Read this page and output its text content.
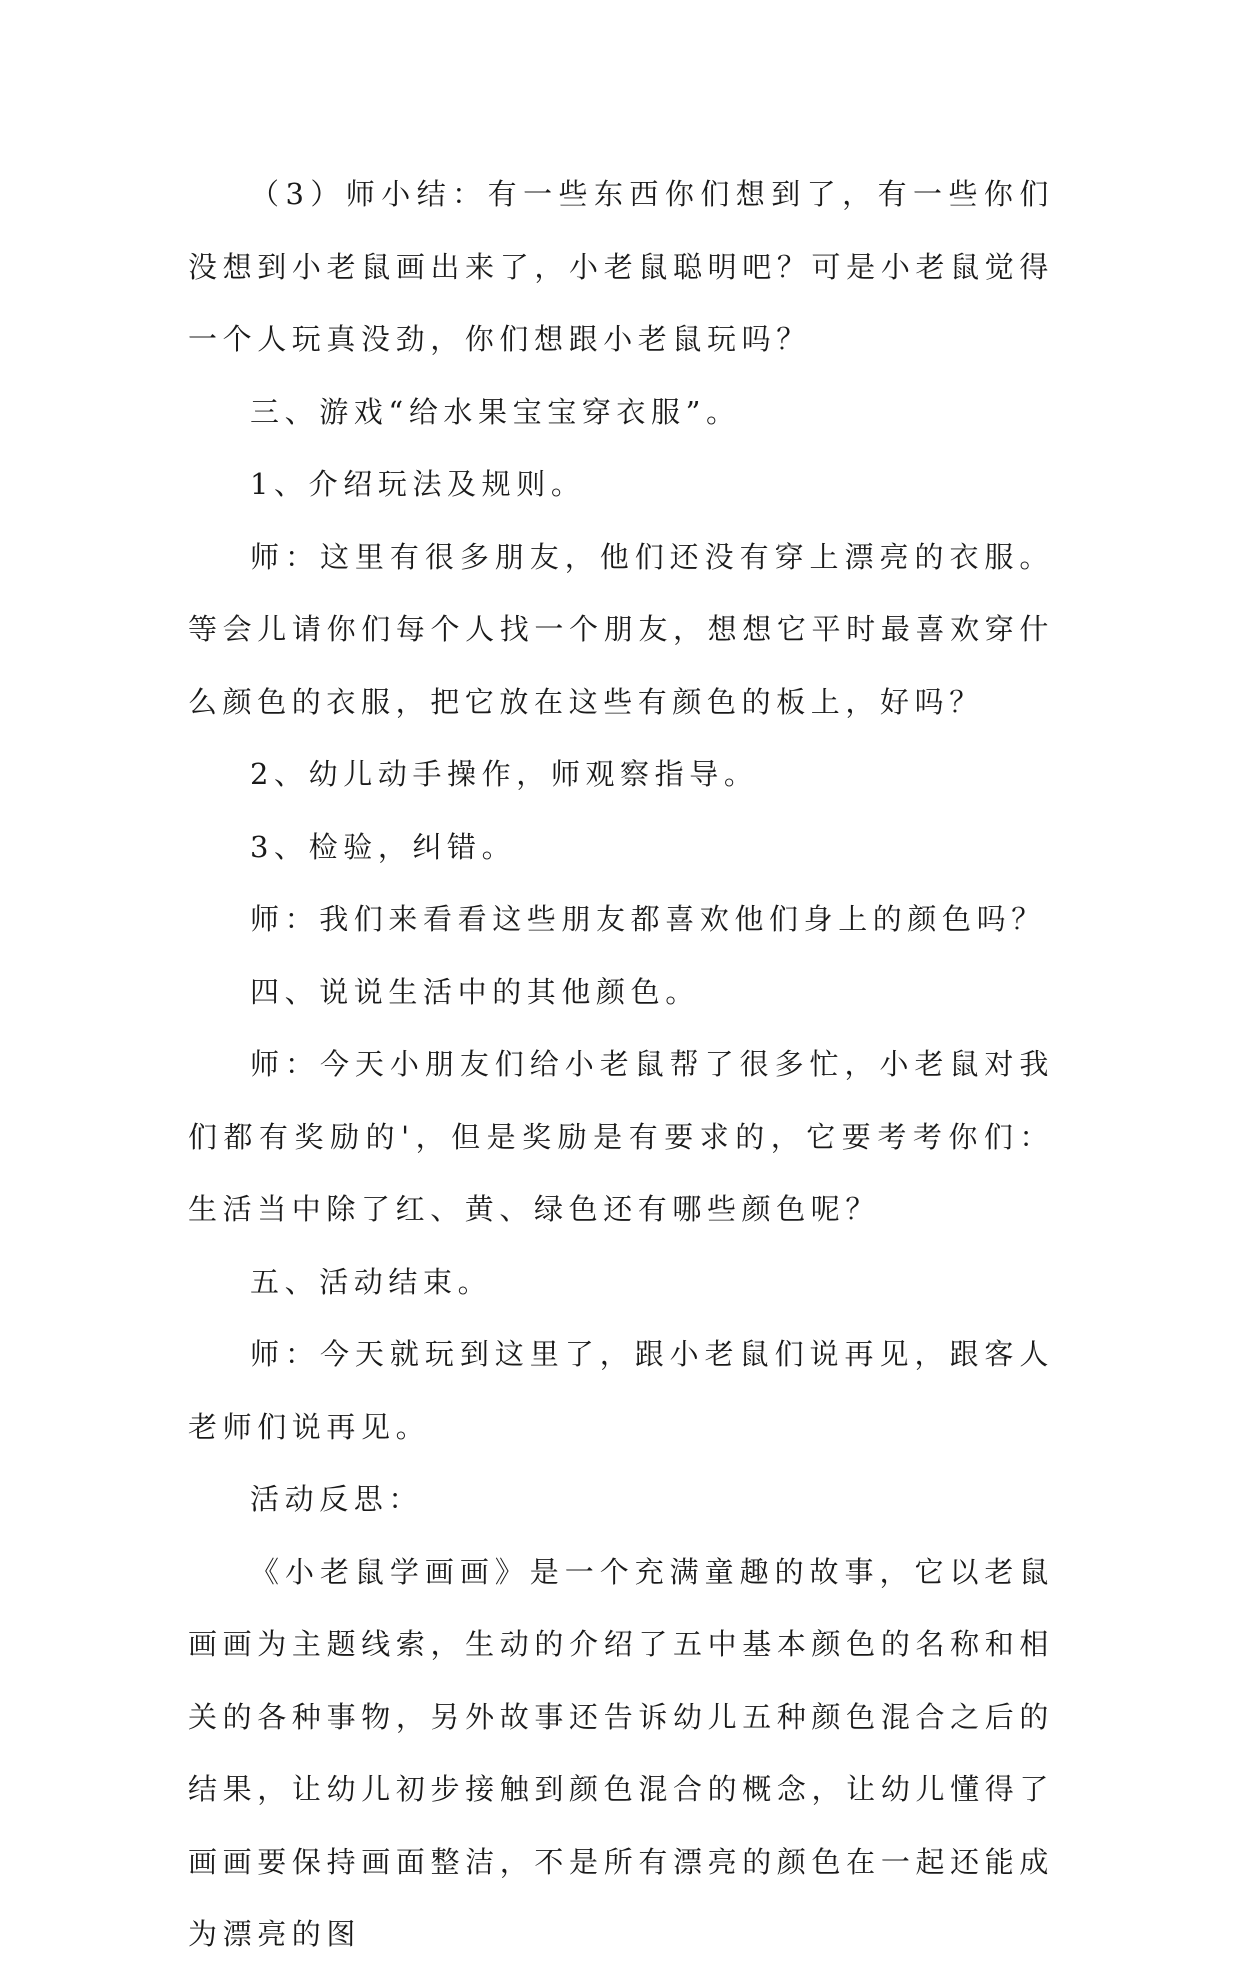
（3）师小结：有一些东西你们想到了，有一些你们没想到小老鼠画出来了，小老鼠聪明吧？可是小老鼠觉得一个人玩真没劲，你们想跟小老鼠玩吗？

三、游戏“给水果宝宝穿衣服”。

1、介绍玩法及规则。

师：这里有很多朋友，他们还没有穿上漂亮的衣服。等会儿请你们每个人找一个朋友，想想它平时最喜欢穿什么颜色的衣服，把它放在这些有颜色的板上，好吗？

2、幼儿动手操作，师观察指导。

3、检验，纠错。

师：我们来看看这些朋友都喜欢他们身上的颜色吗？

四、说说生活中的其他颜色。

师：今天小朋友们给小老鼠帮了很多忙，小老鼠对我们都有奖励的'，但是奖励是有要求的，它要考考你们：生活当中除了红、黄、绿色还有哪些颜色呢？

五、活动结束。

师：今天就玩到这里了，跟小老鼠们说再见，跟客人老师们说再见。

活动反思：

《小老鼠学画画》是一个充满童趣的故事，它以老鼠画画为主题线索，生动的介绍了五中基本颜色的名称和相关的各种事物，另外故事还告诉幼儿五种颜色混合之后的结果，让幼儿初步接触到颜色混合的概念，让幼儿懂得了画画要保持画面整洁，不是所有漂亮的颜色在一起还能成为漂亮的图
